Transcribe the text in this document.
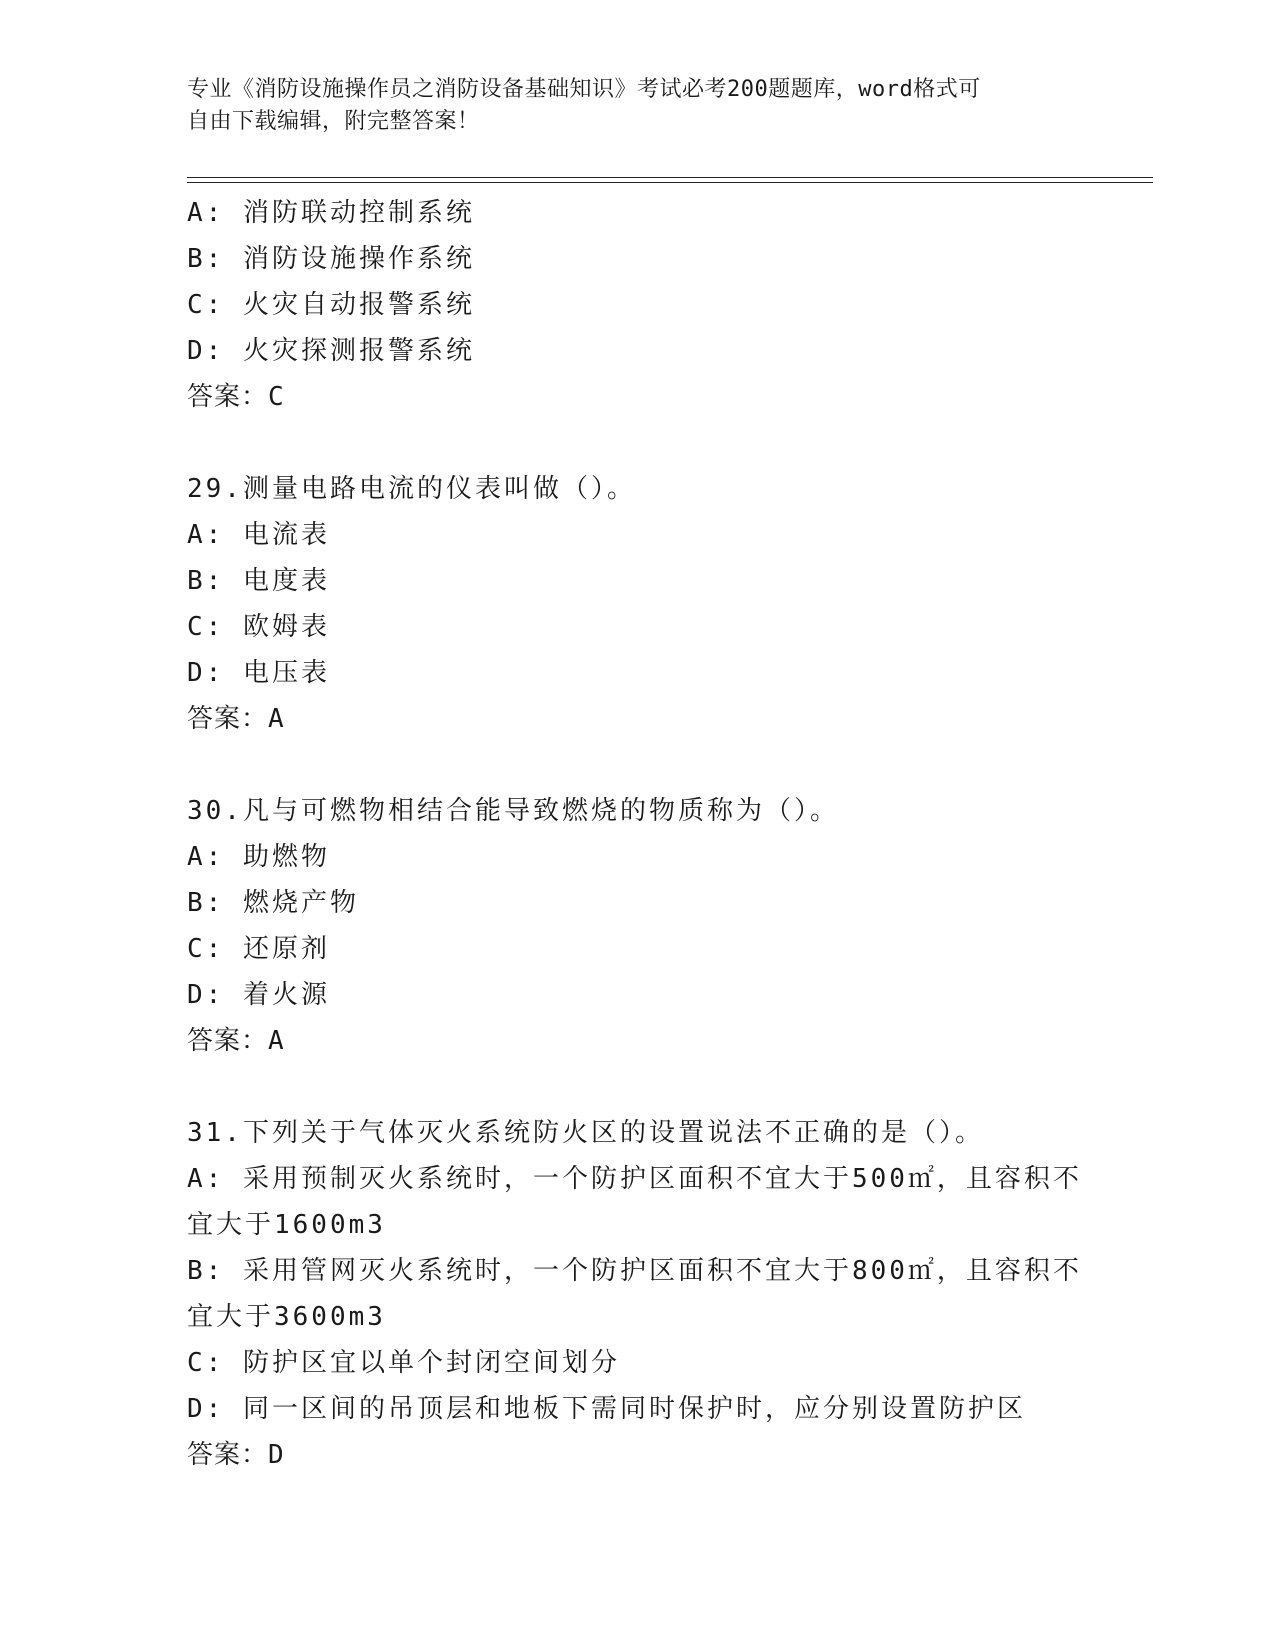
专业《消防设施操作员之消防设备基础知识》考试必考200题题库，word格式可
自由下载编辑，附完整答案！
A: 消防联动控制系统
B: 消防设施操作系统
C: 火灾自动报警系统
D: 火灾探测报警系统
答案：C
29.测量电路电流的仪表叫做（）。
A: 电流表
B: 电度表
C: 欧姆表
D: 电压表
答案：A
30.凡与可燃物相结合能导致燃烧的物质称为（）。
A: 助燃物
B: 燃烧产物
C: 还原剂
D: 着火源
答案：A
31.下列关于气体灭火系统防火区的设置说法不正确的是（）。
A: 采用预制灭火系统时，一个防护区面积不宜大于500㎡，且容积不
宜大于1600m3
B: 采用管网灭火系统时，一个防护区面积不宜大于800㎡，且容积不
宜大于3600m3
C: 防护区宜以单个封闭空间划分
D: 同一区间的吊顶层和地板下需同时保护时，应分别设置防护区
答案：D
